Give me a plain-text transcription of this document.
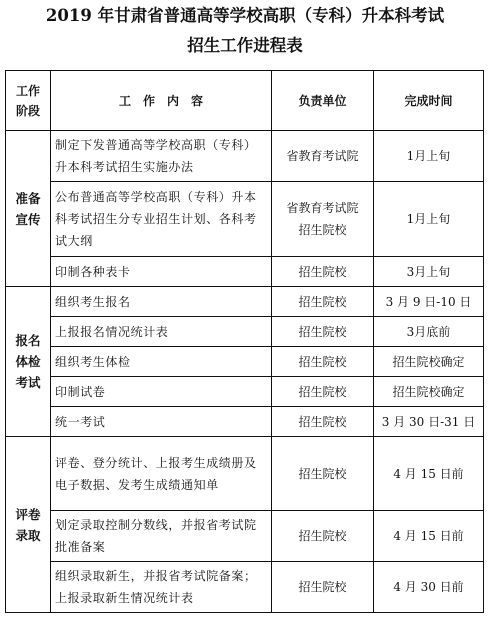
2019 年甘肃省普通高等学校高职（专科）升本科考试
招生工作进程表
工作
阶段	工　作　内　容	负责单位	完成时间

准备
宣传	制定下发普通高等学校高职（专科）升本科考试招生实施办法	省教育考试院	1月上旬
	公布普通高等学校高职（专科）升本科考试招生分专业招生计划、各科考试大纲	省教育考试院招生院校	1月上旬
	印制各种表卡	招生院校	3月上旬

报名
体检
考试	组织考生报名	招生院校	3 月 9 日-10 日
	上报报名情况统计表	招生院校	3月底前
	组织考生体检	招生院校	招生院校确定
	印制试卷	招生院校	招生院校确定
	统一考试	招生院校	3 月 30 日-31 日

评卷
录取	评卷、登分统计、上报考生成绩册及电子数据、发考生成绩通知单	招生院校	4 月 15 日前
	划定录取控制分数线，并报省考试院批准备案	招生院校	4 月 15 日前
	组织录取新生，并报省考试院备案；上报录取新生情况统计表	招生院校	4 月 30 日前
